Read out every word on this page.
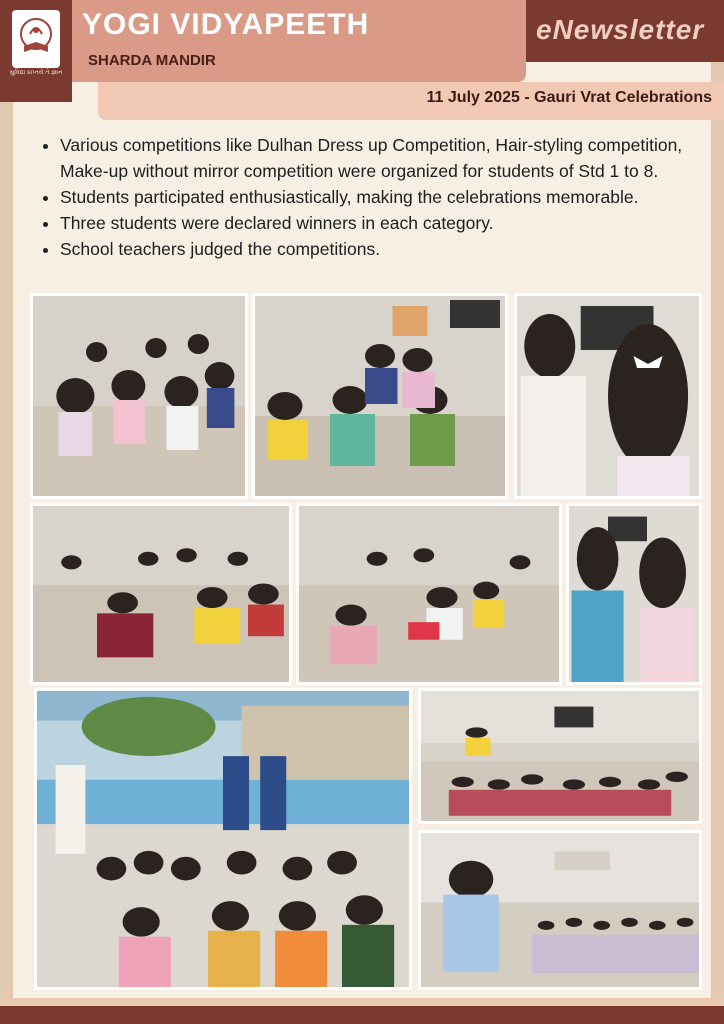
સુવિદ્યા પ્રાપ્તયે તે જ્ઞાન
YOGI VIDYAPEETH
SHARDA MANDIR
eNewsletter
11 July 2025 - Gauri Vrat Celebrations
• Various competitions like Dulhan Dress up Competition, Hair-styling competition, Make-up without mirror competition were organized for students of Std 1 to 8.
• Students participated enthusiastically, making the celebrations memorable.
• Three students were declared winners in each category.
• School teachers judged the competitions.
